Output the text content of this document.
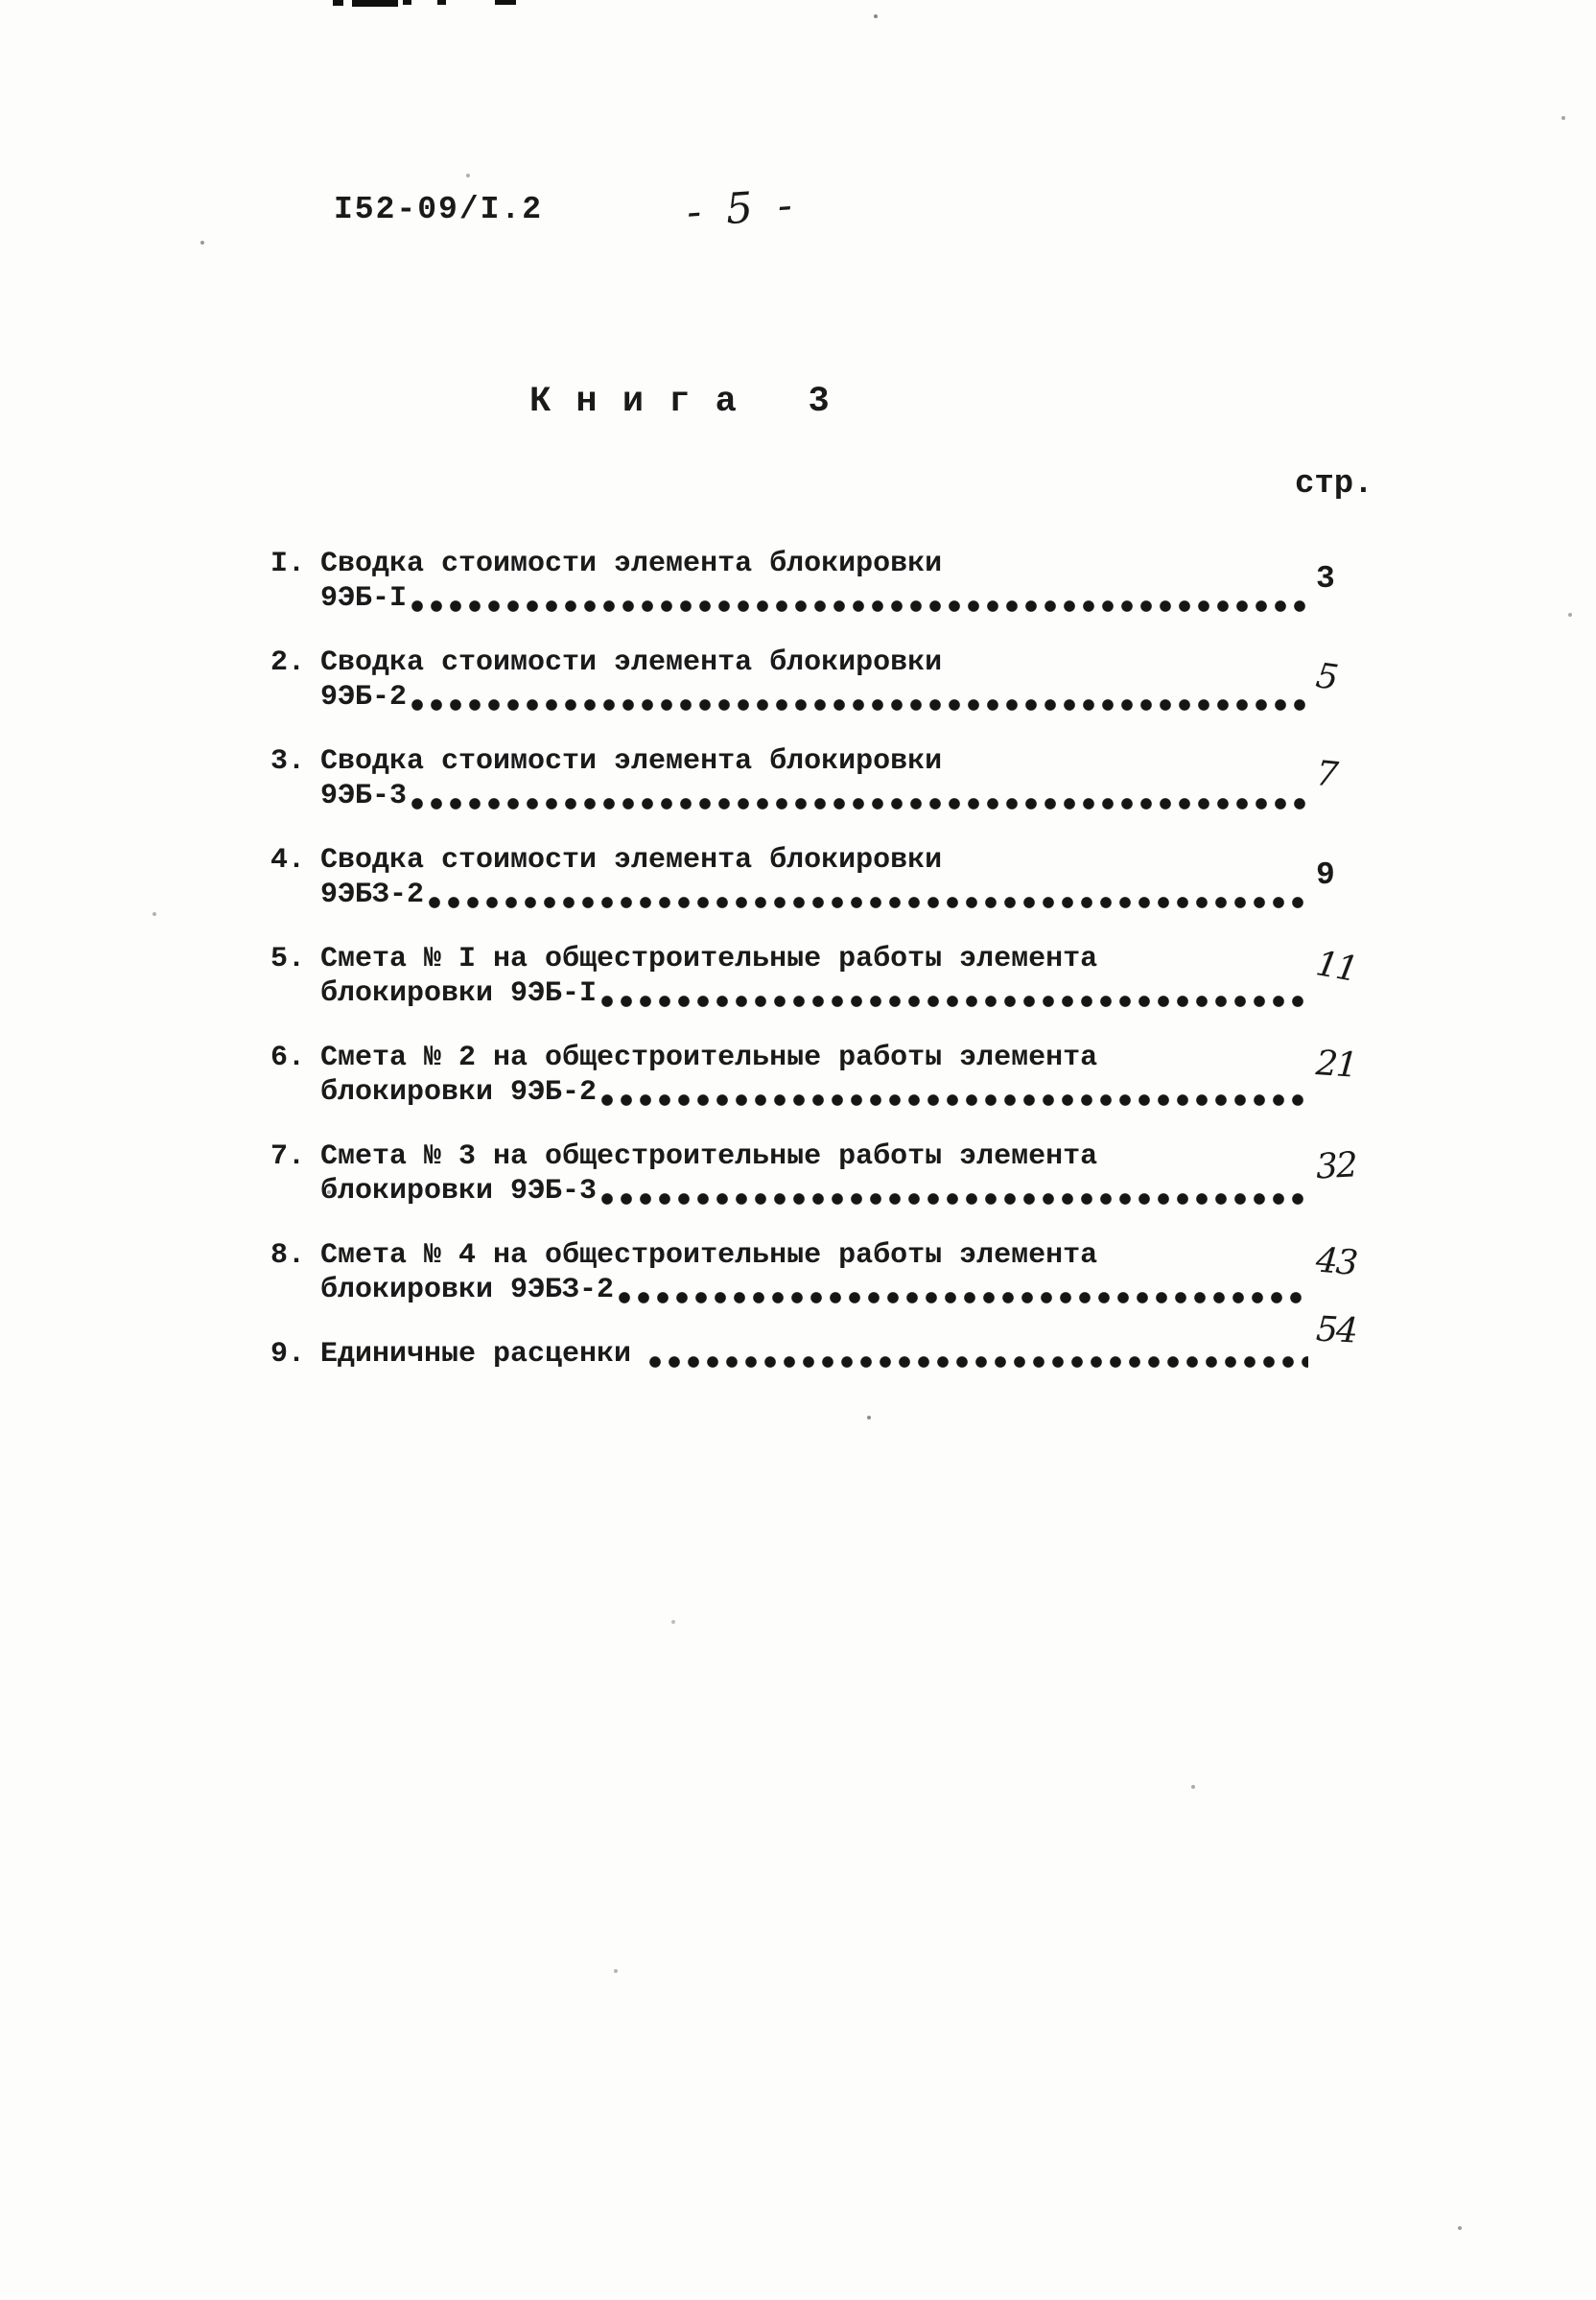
I52-09/I.2	- 5 -
К н и г а   3
стр.
I. Сводка стоимости элемента блокировки
9ЭБ-I
3
2. Сводка стоимости элемента блокировки
9ЭБ-2	5
3. Сводка стоимости элемента блокировки
9ЭБ-3
7
4. Сводка стоимости элемента блокировки
9ЭБЗ-2
9
5. Смета № I на общестроительные работы элемента
блокировки 9ЭБ-I
11
6. Смета № 2 на общестроительные работы элемента
блокировки 9ЭБ-2
21
7. Смета № 3 на общестроительные работы элемента
блокировки 9ЭБ-3
32
8. Смета № 4 на общестроительные работы элемента
блокировки 9ЭБЗ-2
43
9. Единичные расценки
54
